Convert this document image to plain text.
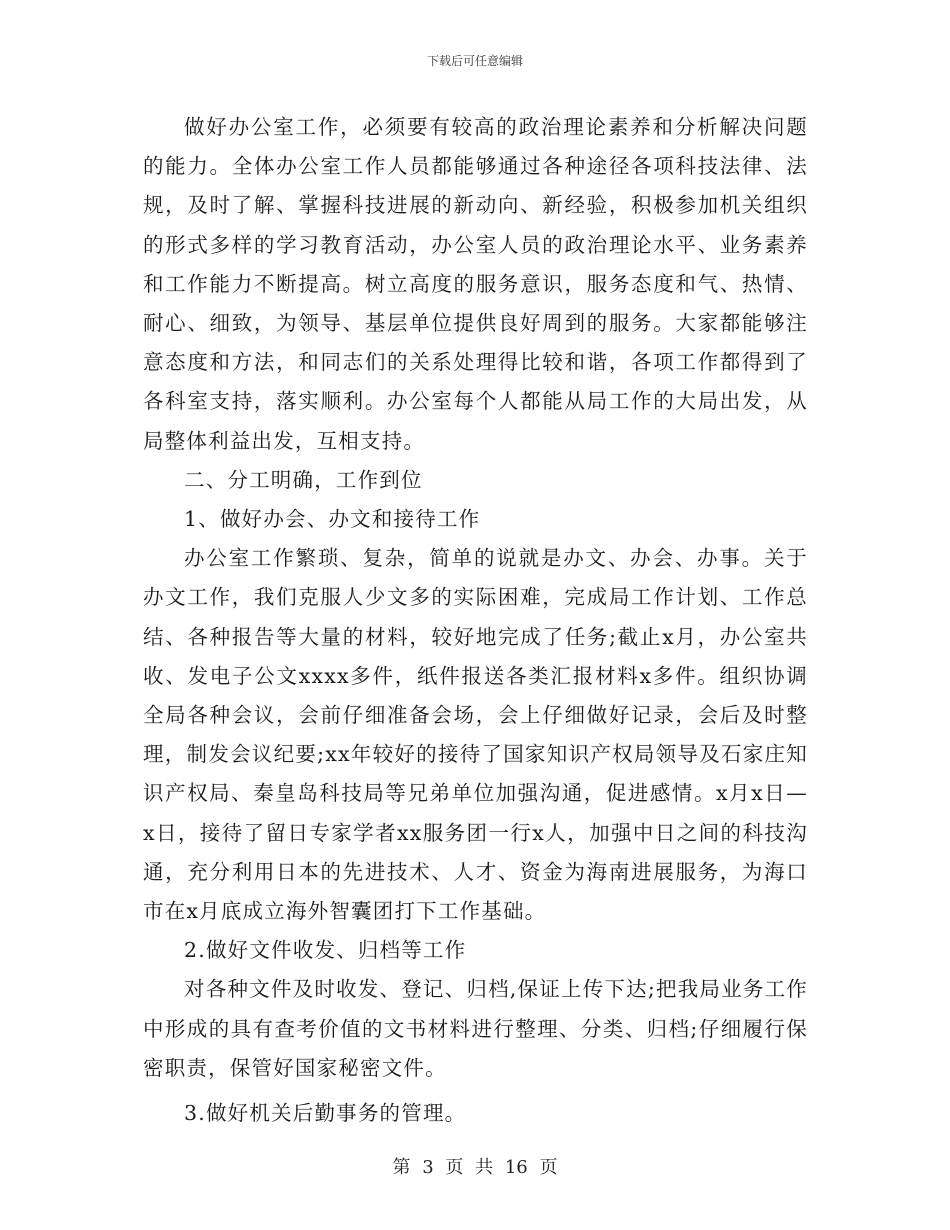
下载后可任意编辑

做好办公室工作，必须要有较高的政治理论素养和分析解决问题的能力。全体办公室工作人员都能够通过各种途径各项科技法律、法规，及时了解、掌握科技进展的新动向、新经验，积极参加机关组织的形式多样的学习教育活动，办公室人员的政治理论水平、业务素养和工作能力不断提高。树立高度的服务意识，服务态度和气、热情、耐心、细致，为领导、基层单位提供良好周到的服务。大家都能够注意态度和方法，和同志们的关系处理得比较和谐，各项工作都得到了各科室支持，落实顺利。办公室每个人都能从局工作的大局出发，从局整体利益出发，互相支持。

二、分工明确，工作到位

1、做好办会、办文和接待工作

办公室工作繁琐、复杂，简单的说就是办文、办会、办事。关于办文工作，我们克服人少文多的实际困难，完成局工作计划、工作总结、各种报告等大量的材料，较好地完成了任务;截止x月，办公室共收、发电子公文xxxx多件，纸件报送各类汇报材料x多件。组织协调全局各种会议，会前仔细准备会场，会上仔细做好记录，会后及时整理，制发会议纪要;xx年较好的接待了国家知识产权局领导及石家庄知识产权局、秦皇岛科技局等兄弟单位加强沟通，促进感情。x月x日—x日，接待了留日专家学者xx服务团一行x人，加强中日之间的科技沟通，充分利用日本的先进技术、人才、资金为海南进展服务，为海口市在x月底成立海外智囊团打下工作基础。

2.做好文件收发、归档等工作

对各种文件及时收发、登记、归档,保证上传下达;把我局业务工作中形成的具有查考价值的文书材料进行整理、分类、归档;仔细履行保密职责，保管好国家秘密文件。

3.做好机关后勤事务的管理。

第 3 页 共 16 页
